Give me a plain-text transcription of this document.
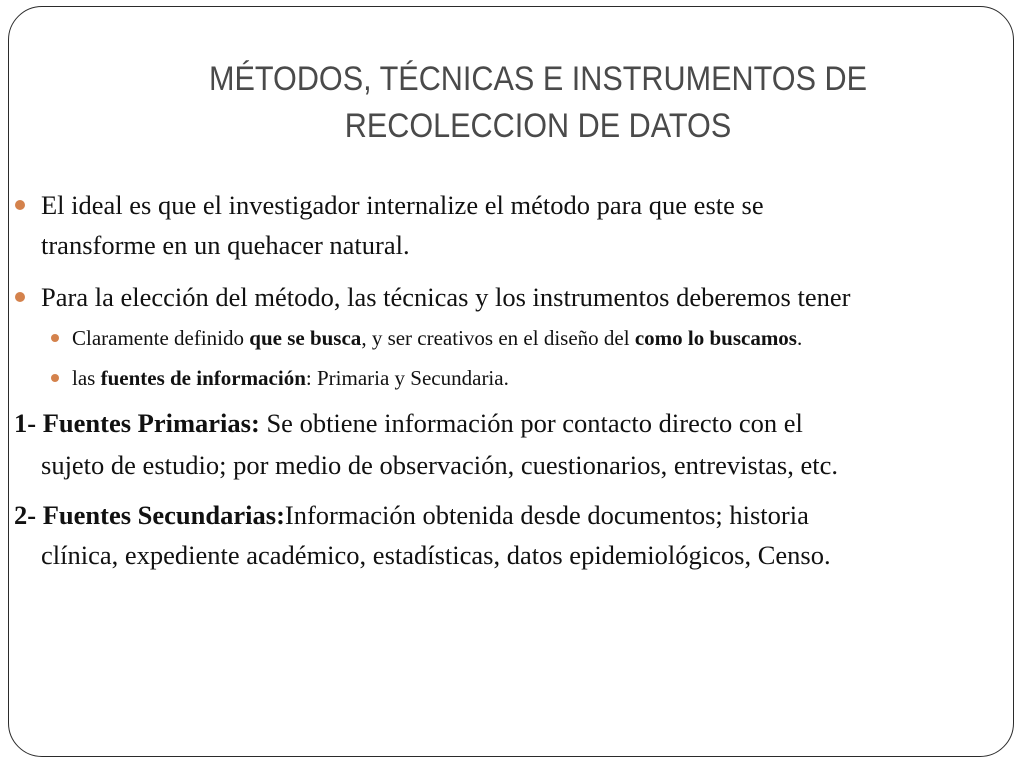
MÉTODOS, TÉCNICAS E INSTRUMENTOS DE
RECOLECCION DE DATOS
El ideal es que el investigador internalize el método para que este se
transforme en un quehacer natural.
Para la elección del método, las técnicas y los instrumentos deberemos tener
Claramente definido que se busca, y ser creativos en el diseño del como lo buscamos.
las fuentes de información: Primaria y Secundaria.
1- Fuentes Primarias: Se obtiene información por contacto directo con el
sujeto de estudio; por medio de observación, cuestionarios, entrevistas, etc.
2- Fuentes Secundarias:Información obtenida desde documentos; historia
clínica, expediente académico, estadísticas, datos epidemiológicos, Censo.
